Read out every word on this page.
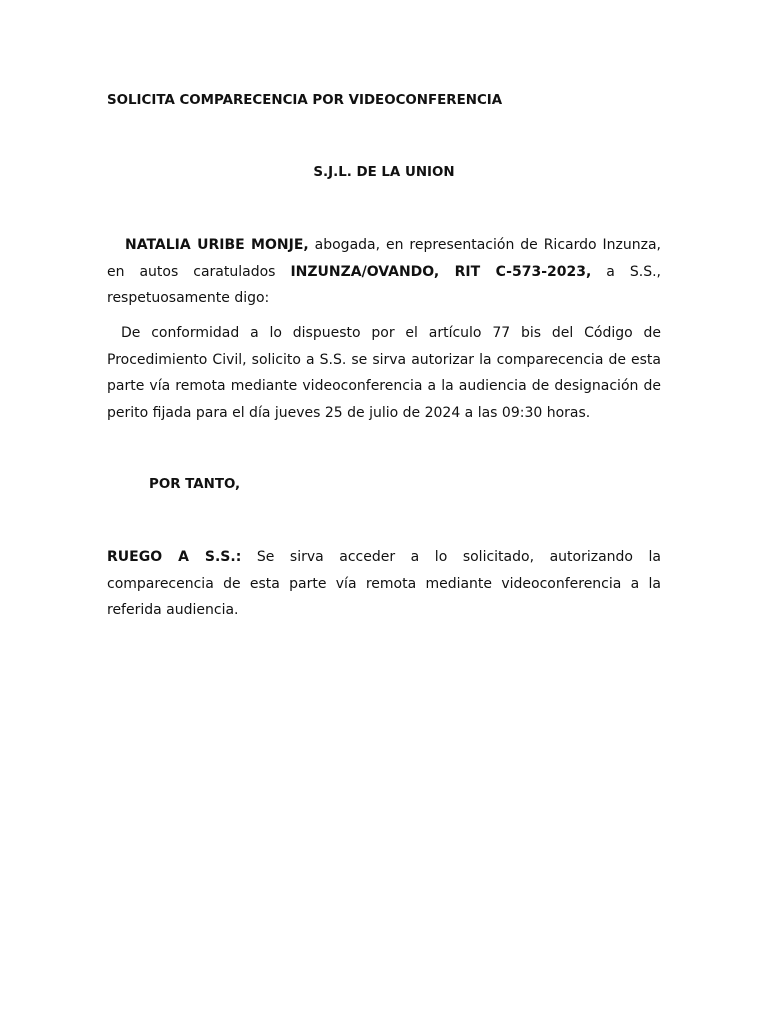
SOLICITA COMPARECENCIA POR VIDEOCONFERENCIA
S.J.L. DE LA UNION
NATALIA URIBE MONJE, abogada, en representación de Ricardo Inzunza, en autos caratulados INZUNZA/OVANDO, RIT C-573-2023, a S.S., respetuosamente digo:
De conformidad a lo dispuesto por el artículo 77 bis del Código de Procedimiento Civil, solicito a S.S. se sirva autorizar la comparecencia de esta parte vía remota mediante videoconferencia a la audiencia de designación de perito fijada para el día jueves 25 de julio de 2024 a las 09:30 horas.
POR TANTO,
RUEGO A S.S.: Se sirva acceder a lo solicitado, autorizando la comparecencia de esta parte vía remota mediante videoconferencia a la referida audiencia.
